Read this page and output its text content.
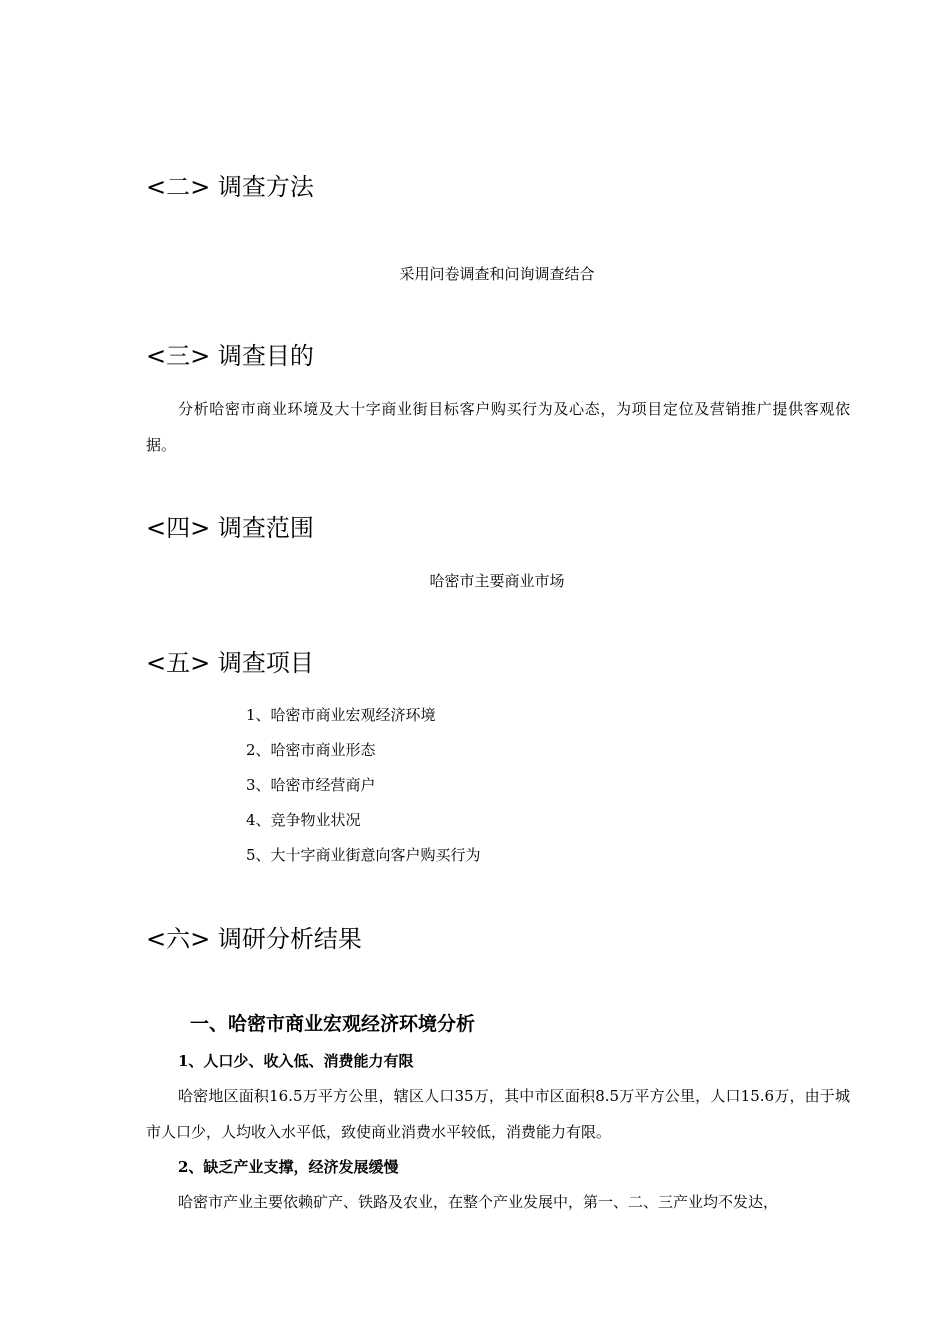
<二> 调查方法
采用问卷调查和问询调查结合
<三> 调查目的
分析哈密市商业环境及大十字商业街目标客户购买行为及心态，为项目定位及营销推广提供客观依据。
<四> 调查范围
哈密市主要商业市场
<五> 调查项目
1、哈密市商业宏观经济环境
2、哈密市商业形态
3、哈密市经营商户
4、竞争物业状况
5、大十字商业街意向客户购买行为
<六> 调研分析结果
一、哈密市商业宏观经济环境分析
1、人口少、收入低、消费能力有限
哈密地区面积16.5万平方公里，辖区人口35万，其中市区面积8.5万平方公里，人口15.6万，由于城市人口少，人均收入水平低，致使商业消费水平较低，消费能力有限。
2、缺乏产业支撑，经济发展缓慢
哈密市产业主要依赖矿产、铁路及农业，在整个产业发展中，第一、二、三产业均不发达，
